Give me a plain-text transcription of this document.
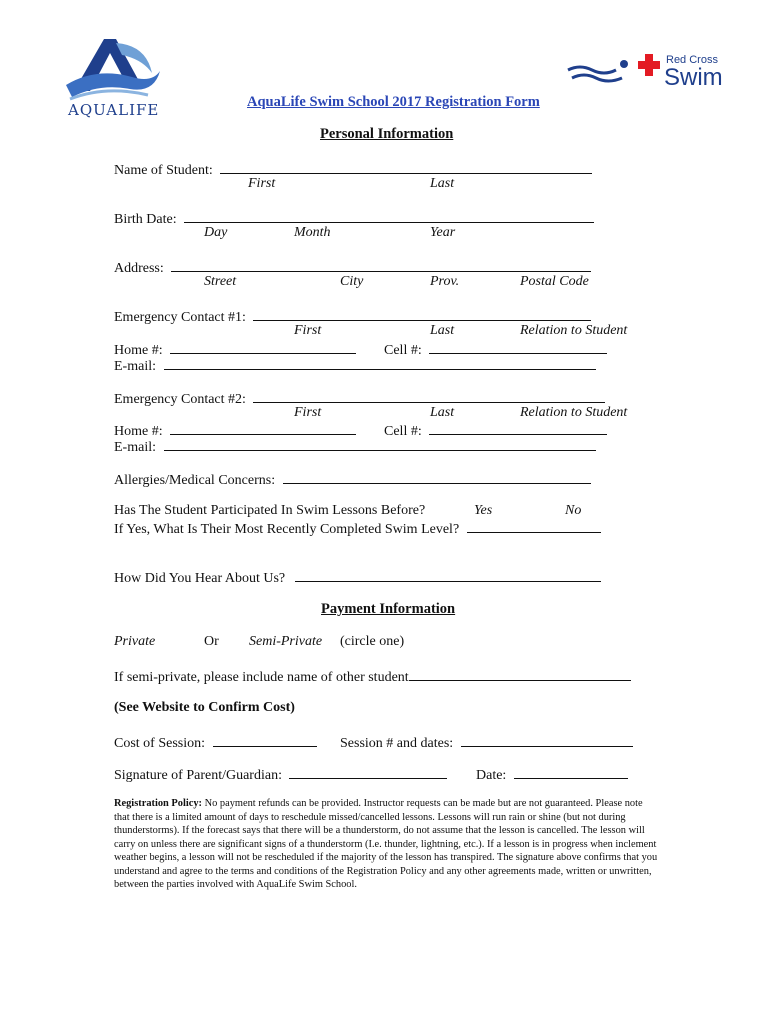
AQUALIFE
Red Cross
Swim
AquaLife Swim School 2017 Registration Form
Personal Information
Name of Student:
First	Last
Birth Date:
Day	Month	Year
Address:
Street	City	Prov.	Postal Code
Emergency Contact #1:
First	Last	Relation to Student
Home #:	Cell #:
E-mail:
Emergency Contact #2:
First	Last	Relation to Student
Home #:	Cell #:
E-mail:
Allergies/Medical Concerns:
Has The Student Participated In Swim Lessons Before?	Yes	No
If Yes, What Is Their Most Recently Completed Swim Level?
How Did You Hear About Us?
Payment Information
Private	Or Semi-Private (circle one)
If semi-private, please include name of other student
(See Website to Confirm Cost)
Cost of Session:	Session # and dates:
Signature of Parent/Guardian:	Date:
Registration Policy: No payment refunds can be provided. Instructor requests can be made but are not guaranteed. Please note that there is a limited amount of days to reschedule missed/cancelled lessons. Lessons will run rain or shine (but not during thunderstorms). If the forecast says that there will be a thunderstorm, do not assume that the lesson is cancelled. The lesson will carry on unless there are significant signs of a thunderstorm (I.e. thunder, lightning, etc.). If a lesson is in progress when inclement weather begins, a lesson will not be rescheduled if the majority of the lesson has transpired. The signature above confirms that you understand and agree to the terms and conditions of the Registration Policy and any other agreements made, written or unwritten, between the parties involved with AquaLife Swim School.
